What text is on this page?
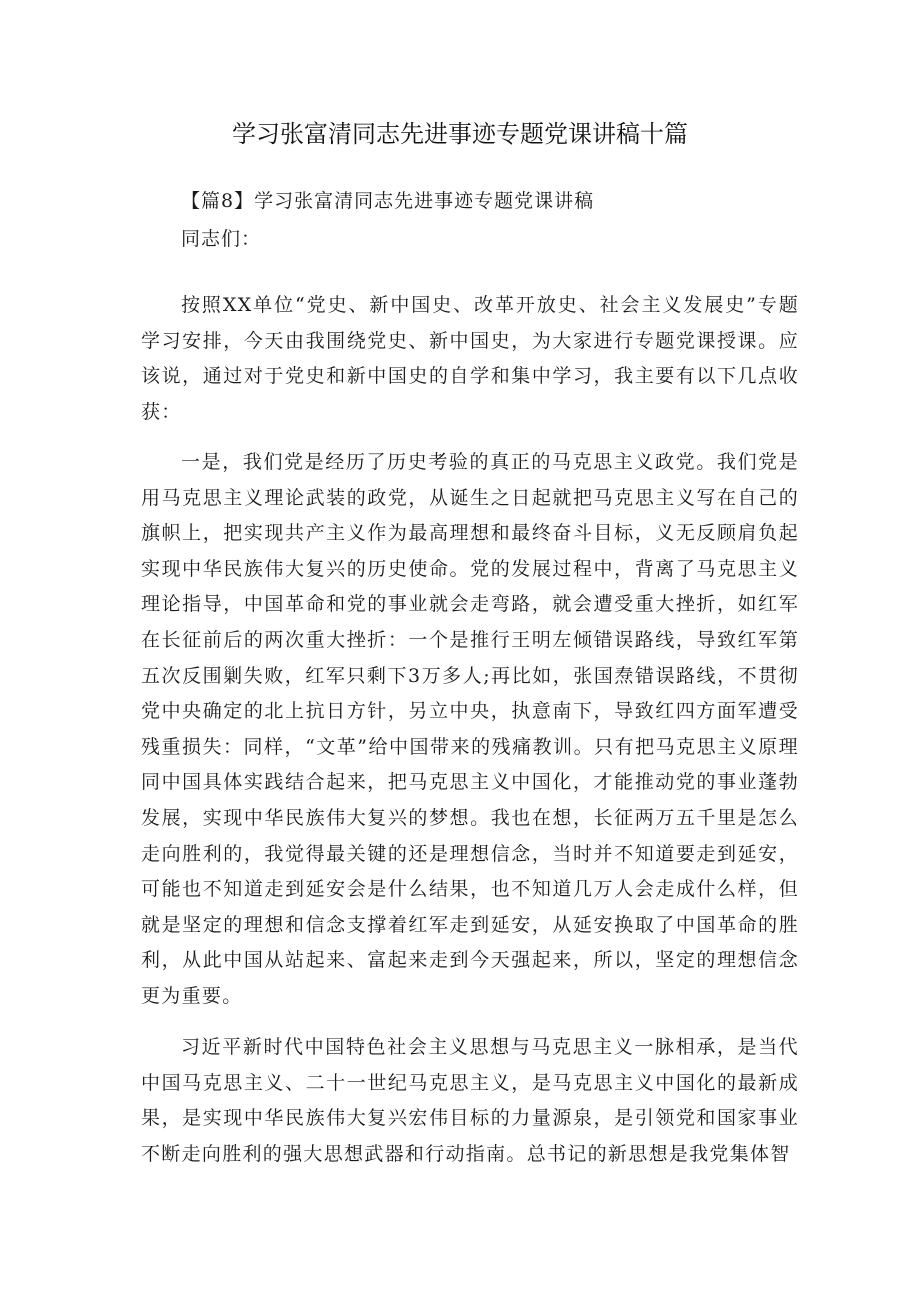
学习张富清同志先进事迹专题党课讲稿十篇
【篇8】学习张富清同志先进事迹专题党课讲稿
同志们：

按照XX单位“党史、新中国史、改革开放史、社会主义发展史”专题学习安排，今天由我围绕党史、新中国史，为大家进行专题党课授课。应该说，通过对于党史和新中国史的自学和集中学习，我主要有以下几点收获：

一是，我们党是经历了历史考验的真正的马克思主义政党。我们党是用马克思主义理论武装的政党，从诞生之日起就把马克思主义写在自己的旗帜上，把实现共产主义作为最高理想和最终奋斗目标，义无反顾肩负起实现中华民族伟大复兴的历史使命。党的发展过程中，背离了马克思主义理论指导，中国革命和党的事业就会走弯路，就会遭受重大挫折，如红军在长征前后的两次重大挫折：一个是推行王明左倾错误路线，导致红军第五次反围剿失败，红军只剩下3万多人;再比如，张国焘错误路线，不贯彻党中央确定的北上抗日方针，另立中央，执意南下，导致红四方面军遭受残重损失：同样，“文革”给中国带来的残痛教训。只有把马克思主义原理同中国具体实践结合起来，把马克思主义中国化，才能推动党的事业蓬勃发展，实现中华民族伟大复兴的梦想。我也在想，长征两万五千里是怎么走向胜利的，我觉得最关键的还是理想信念，当时并不知道要走到延安，可能也不知道走到延安会是什么结果，也不知道几万人会走成什么样，但就是坚定的理想和信念支撑着红军走到延安，从延安换取了中国革命的胜利，从此中国从站起来、富起来走到今天强起来，所以，坚定的理想信念更为重要。

习近平新时代中国特色社会主义思想与马克思主义一脉相承，是当代中国马克思主义、二十一世纪马克思主义，是马克思主义中国化的最新成果，是实现中华民族伟大复兴宏伟目标的力量源泉，是引领党和国家事业不断走向胜利的强大思想武器和行动指南。总书记的新思想是我党集体智
